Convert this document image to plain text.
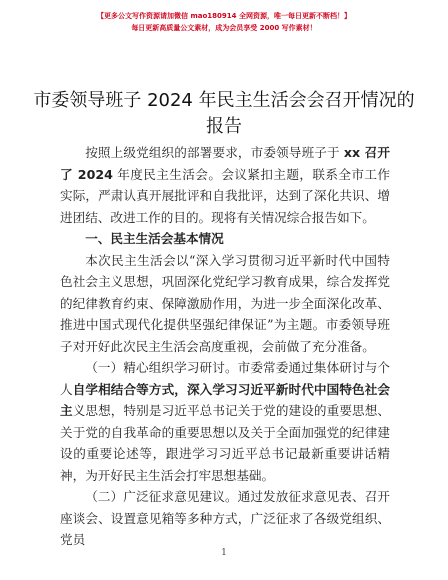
【更多公文写作资源请加微信 mao180914 全网资源，唯一每日更新不断档！】
每日更新高质量公文素材，成为会员享受 2000 写作素材！
市委领导班子 2024 年民主生活会会召开情况的
报告

按照上级党组织的部署要求，市委领导班子于 xx 召开了 2024 年度民主生活会。会议紧扣主题，联系全市工作实际，严肃认真开展批评和自我批评，达到了深化共识、增进团结、改进工作的目的。现将有关情况综合报告如下。

一、民主生活会基本情况

本次民主生活会以“深入学习贯彻习近平新时代中国特色社会主义思想，巩固深化党纪学习教育成果，综合发挥党的纪律教育约束、保障激励作用，为进一步全面深化改革、推进中国式现代化提供坚强纪律保证”为主题。市委领导班子对开好此次民主生活会高度重视，会前做了充分准备。

（一）精心组织学习研讨。市委常委通过集体研讨与个人自学相结合等方式，深入学习习近平新时代中国特色社会主义思想，特别是习近平总书记关于党的建设的重要思想、关于党的自我革命的重要思想以及关于全面加强党的纪律建设的重要论述等，跟进学习习近平总书记最新重要讲话精神，为开好民主生活会打牢思想基础。

（二）广泛征求意见建议。通过发放征求意见表、召开座谈会、设置意见箱等多种方式，广泛征求了各级党组织、党员

1
